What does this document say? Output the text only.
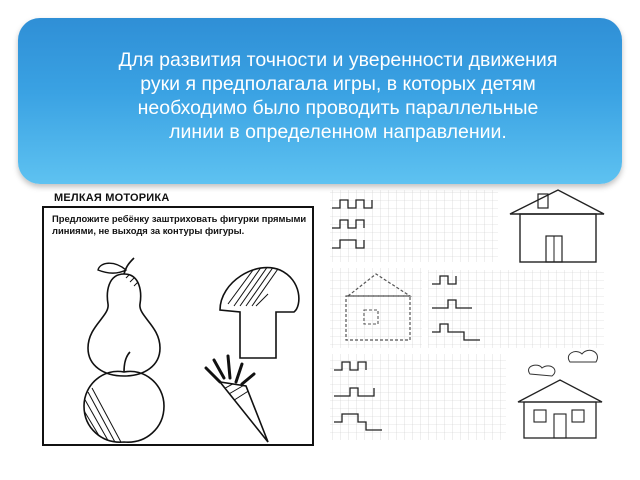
Для развития точности и уверенности движения
руки я предполагала игры, в которых детям
необходимо было проводить параллельные
линии в определенном направлении.
МЕЛКАЯ МОТОРИКА
Предложите ребёнку заштриховать фигурки прямыми линиями, не выходя за контуры фигуры.
